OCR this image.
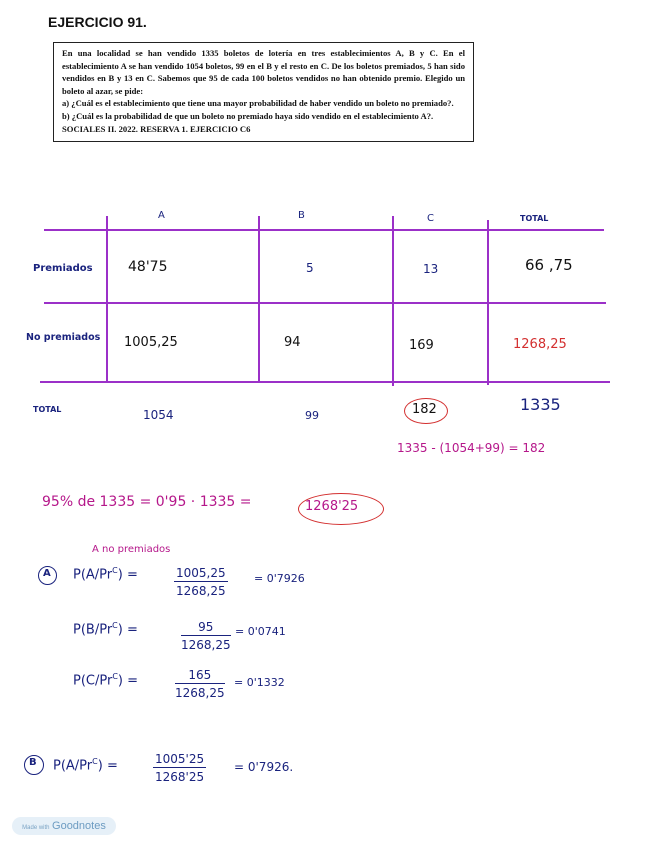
EJERCICIO 91.

En una localidad se han vendido 1335 boletos de lotería en tres establecimientos A, B y C. En el establecimiento A se han vendido 1054 boletos, 99 en el B y el resto en C. De los boletos premiados, 5 han sido vendidos en B y 13 en C. Sabemos que 95 de cada 100 boletos vendidos no han obtenido premio. Elegido un boleto al azar, se pide:

a) ¿Cuál es el establecimiento que tiene una mayor probabilidad de haber vendido un boleto no premiado?.

b) ¿Cuál es la probabilidad de que un boleto no premiado haya sido vendido en el establecimiento A?.

SOCIALES II. 2022. RESERVA 1. EJERCICIO C6

A	B	C	TOTAL
Premiados	48'75	5	13	66 ,75
No premiados 1005,25	94	169	1268,25
TOTAL	1054	99	182	1335
1335 - (1054+99) = 182
95% de 1335 = 0'95 · 1335 =	1268'25
A no premiados
A $P(A/Pr^C)$ =	$\frac{1005,25}{1268,25} = 0'7926$
$P(B/Pr^C)$ =	$\frac{95}{1268,25} = 0'0741$
$P(C/Pr^C)$ =	$\frac{165}{1268,25} = 0'1332$
B $P(A/Pr^C)$ =	$\frac{1005'25}{1268'25} = 0'7926$.
Made with Goodnotes
